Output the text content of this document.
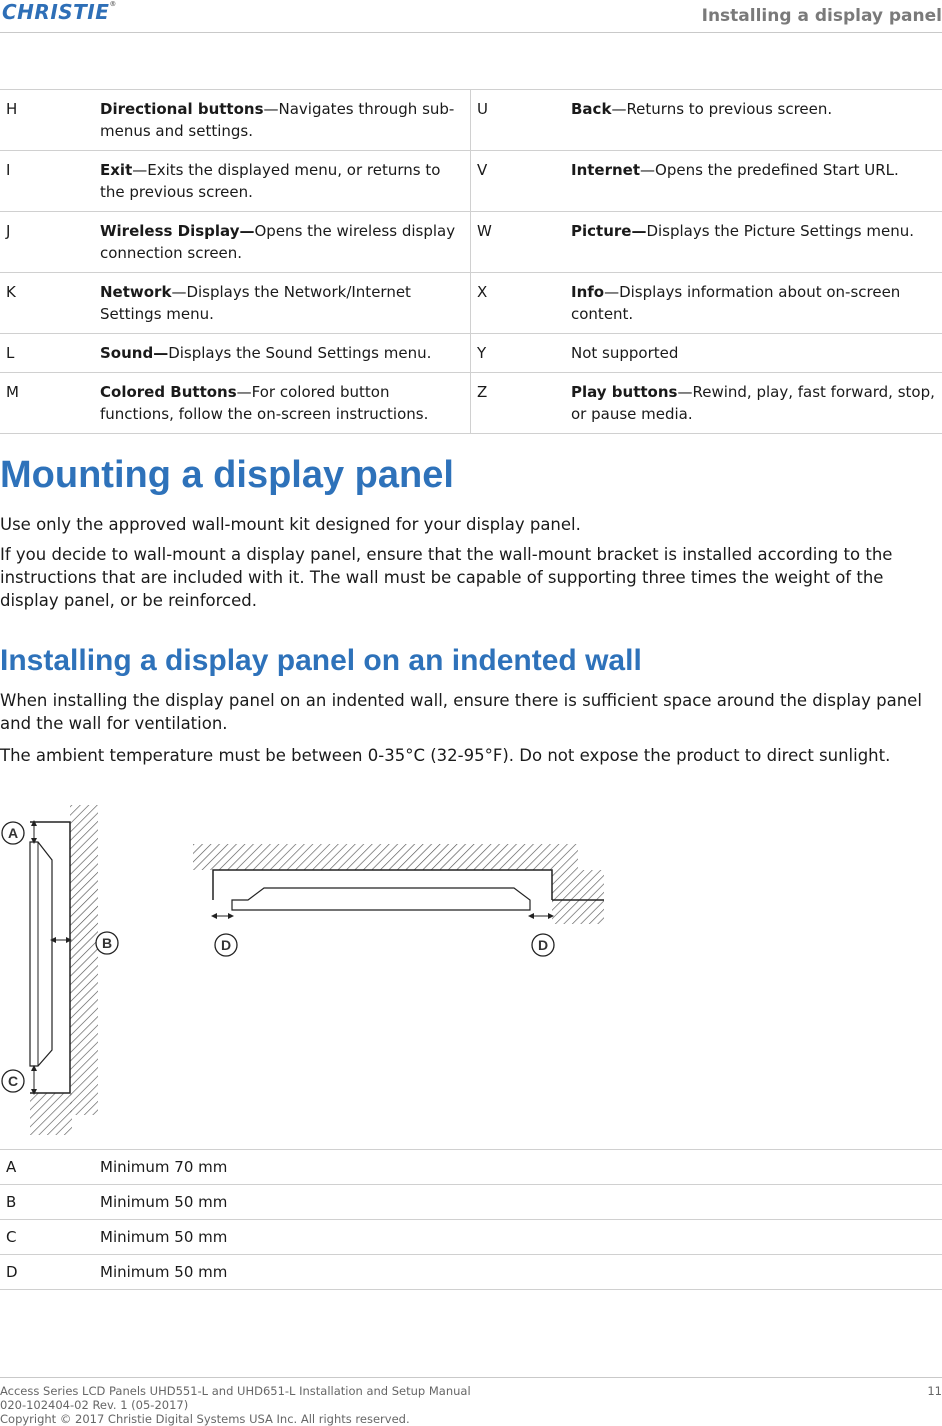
CHRISTIE®
Installing a display panel
H	Directional buttons—Navigates through sub-menus and settings.	U	Back—Returns to previous screen.
I	Exit—Exits the displayed menu, or returns to the previous screen.	V	Internet—Opens the predefined Start URL.
J	Wireless Display—Opens the wireless display connection screen.	W	Picture—Displays the Picture Settings menu.
K	Network—Displays the Network/Internet Settings menu.	X	Info—Displays information about on-screen content.
L	Sound—Displays the Sound Settings menu.	Y	Not supported
M	Colored Buttons—For colored button functions, follow the on-screen instructions.	Z	Play buttons—Rewind, play, fast forward, stop, or pause media.
Mounting a display panel

Use only the approved wall-mount kit designed for your display panel.

If you decide to wall-mount a display panel, ensure that the wall-mount bracket is installed according to the instructions that are included with it. The wall must be capable of supporting three times the weight of the display panel, or be reinforced.

Installing a display panel on an indented wall

When installing the display panel on an indented wall, ensure there is sufficient space around the display panel and the wall for ventilation.

The ambient temperature must be between 0-35°C (32-95°F). Do not expose the product to direct sunlight.

A
B
C
D	D
A	Minimum 70 mm
B	Minimum 50 mm
C	Minimum 50 mm
D	Minimum 50 mm
Access Series LCD Panels UHD551-L and UHD651-L Installation and Setup Manual
020-102404-02 Rev. 1 (05-2017)
Copyright © 2017 Christie Digital Systems USA Inc. All rights reserved.
11
